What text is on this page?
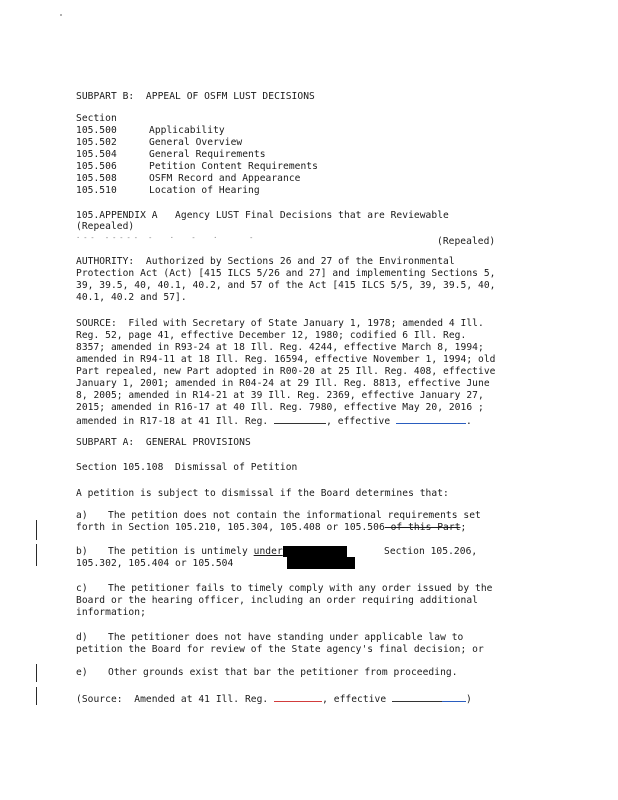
SUBPART B:  APPEAL OF OSFM LUST DECISIONS
Section
105.500	Applicability
105.502	General Overview
105.504	General Requirements
105.506	Petition Content Requirements
105.508	OSFM Record and Appearance
105.510	Location of Hearing
105.APPENDIX A   Agency LUST Final Decisions that are Reviewable
(Repealed)
·-- ----- -  ·  -  ·    -	(Repealed)
AUTHORITY:  Authorized by Sections 26 and 27 of the Environmental
Protection Act (Act) [415 ILCS 5/26 and 27] and implementing Sections 5,
39, 39.5, 40, 40.1, 40.2, and 57 of the Act [415 ILCS 5/5, 39, 39.5, 40,
40.1, 40.2 and 57].
SOURCE:  Filed with Secretary of State January 1, 1978; amended 4 Ill.
Reg. 52, page 41, effective December 12, 1980; codified 6 Ill. Reg.
8357; amended in R93-24 at 18 Ill. Reg. 4244, effective March 8, 1994;
amended in R94-11 at 18 Ill. Reg. 16594, effective November 1, 1994; old
Part repealed, new Part adopted in R00-20 at 25 Ill. Reg. 408, effective
January 1, 2001; amended in R04-24 at 29 Ill. Reg. 8813, effective June
8, 2005; amended in R14-21 at 39 Ill. Reg. 2369, effective January 27,
2015; amended in R16-17 at 40 Ill. Reg. 7980, effective May 20, 2016 ;
amended in R17-18 at 41 Ill. Reg.	, effective	.
SUBPART A:  GENERAL PROVISIONS
Section 105.108  Dismissal of Petition
A petition is subject to dismissal if the Board determines that:
a) The petition does not contain the informational requirements set
forth in Section 105.210, 105.304, 105.408 or 105.506 of this Part;
b) The petition is untimely under	Section 105.206,
105.302, 105.404 or 105.504
c) The petitioner fails to timely comply with any order issued by the
Board or the hearing officer, including an order requiring additional
information;
d) The petitioner does not have standing under applicable law to
petition the Board for review of the State agency's final decision; or
e) Other grounds exist that bar the petitioner from proceeding.
(Source:  Amended at 41 Ill. Reg.	, effective	)
